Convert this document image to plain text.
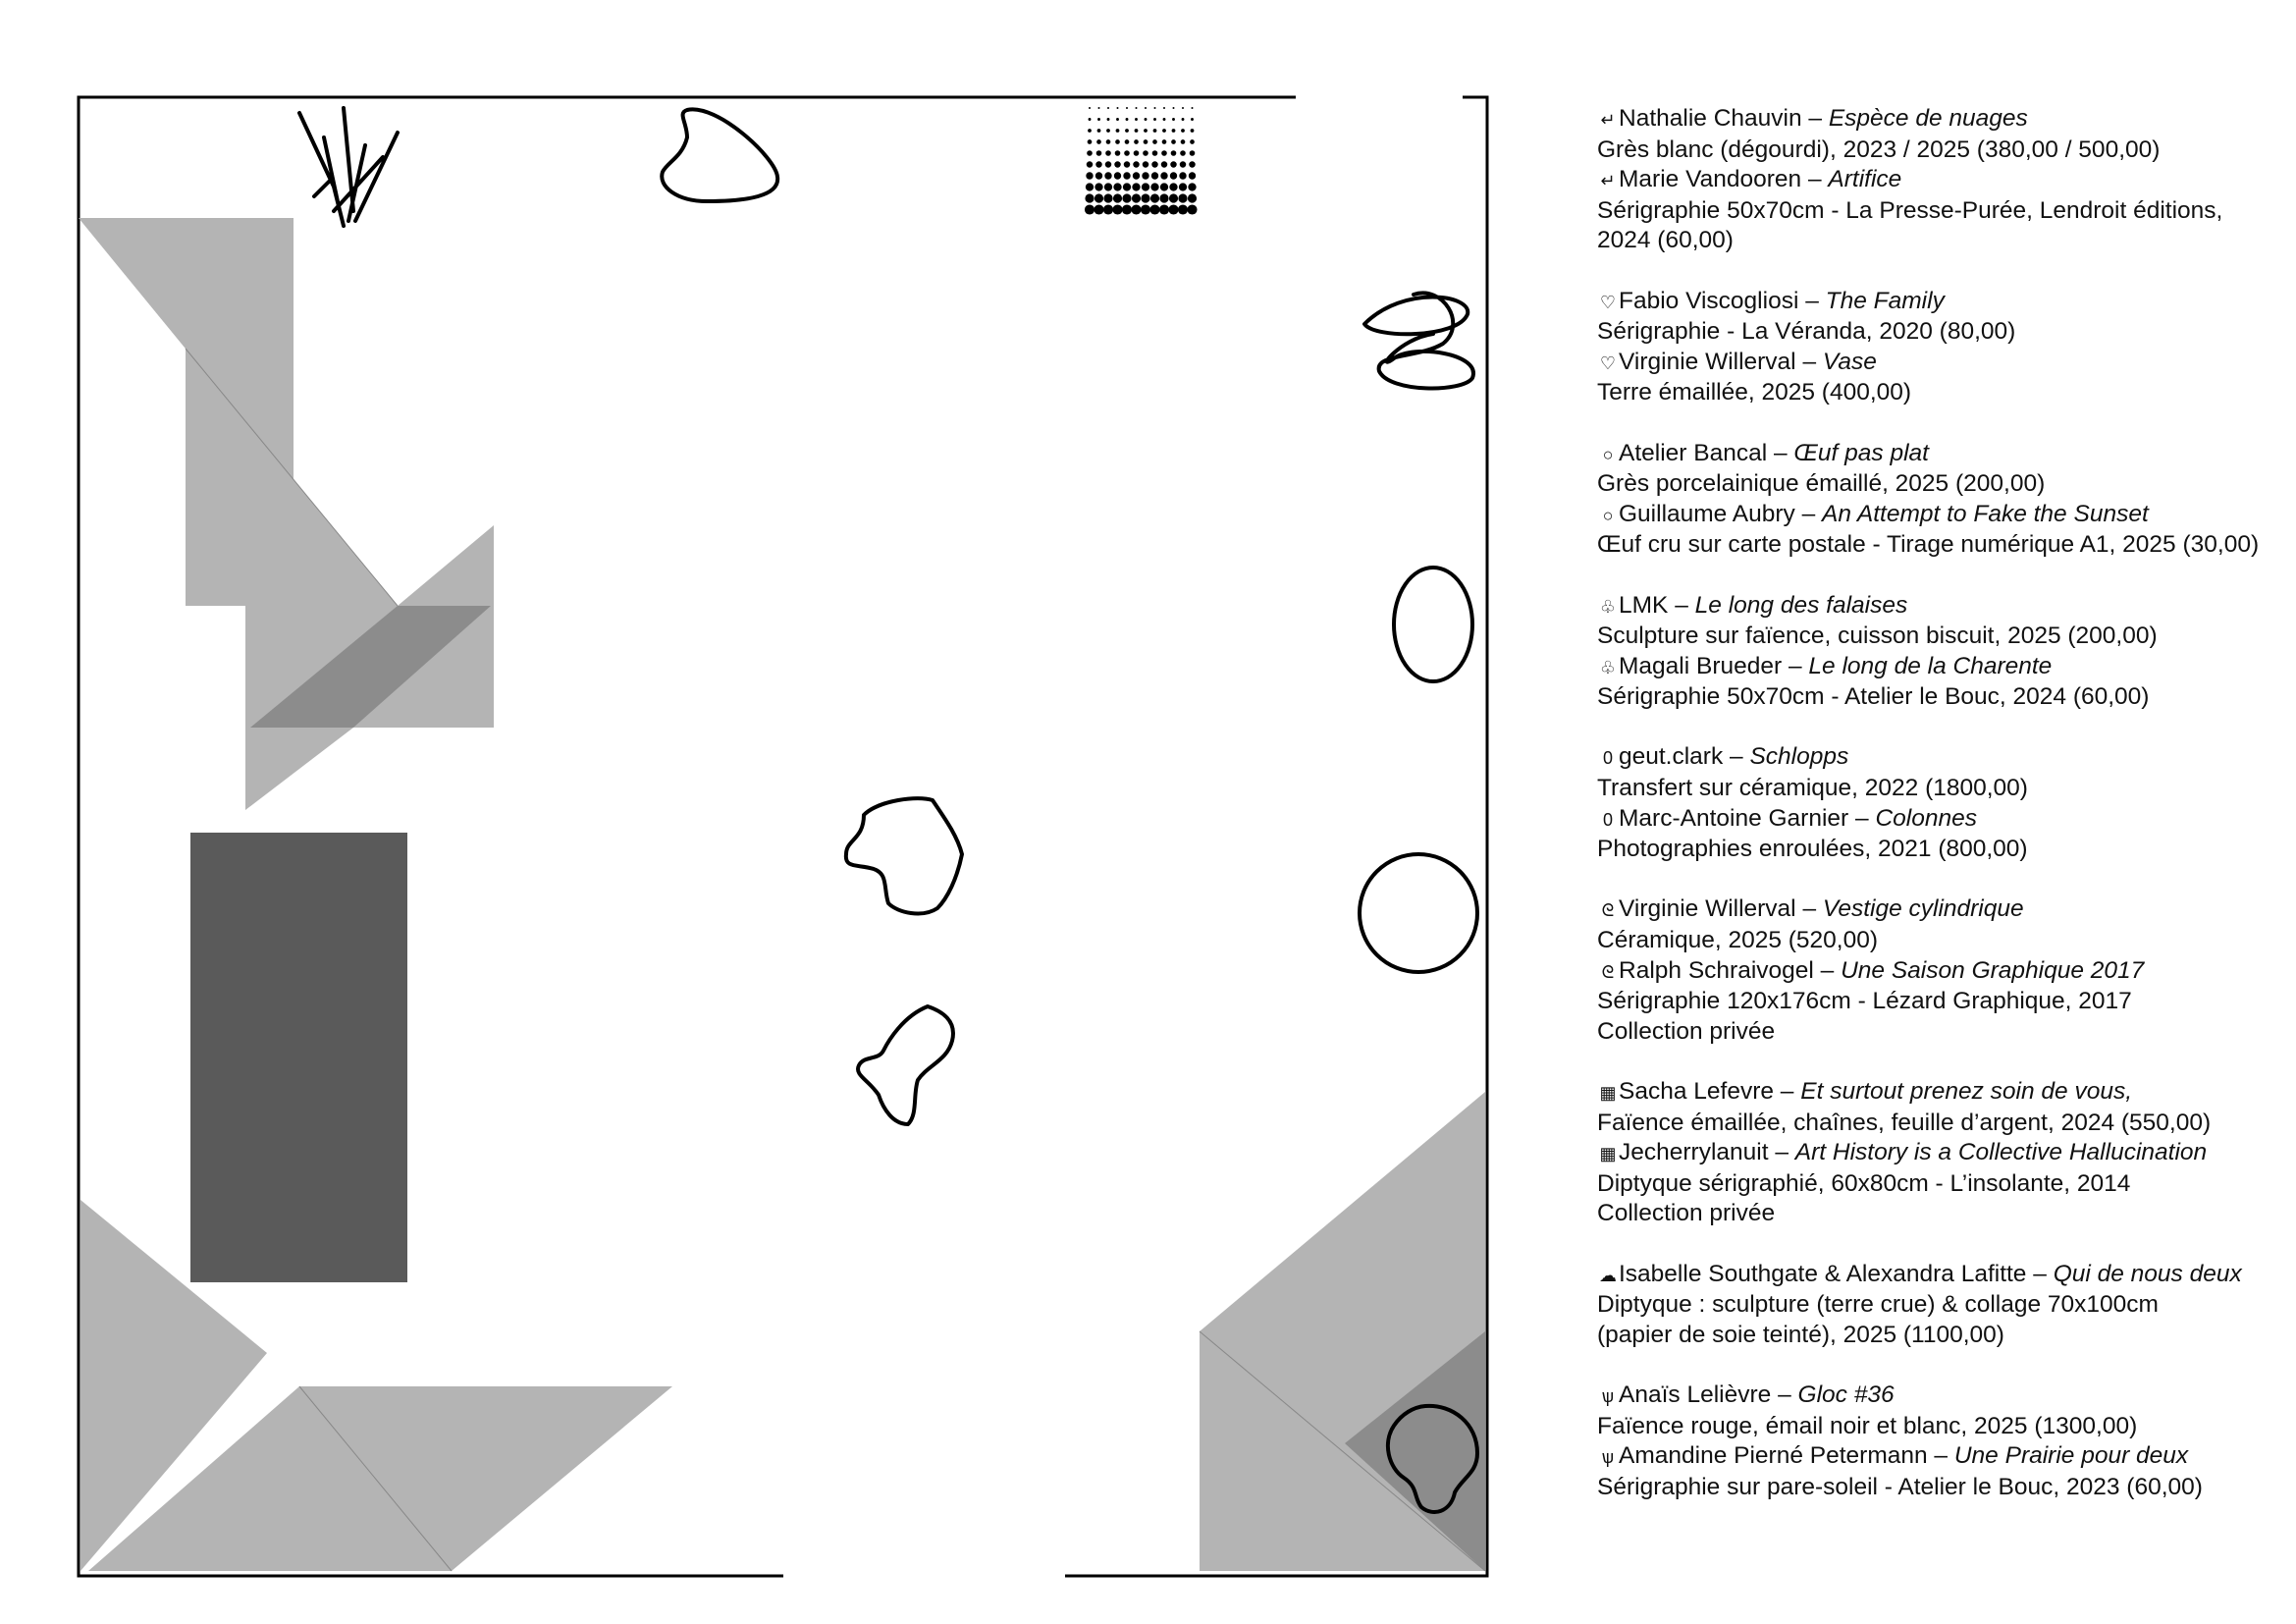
↵ Nathalie Chauvin – Espèce de nuages
Grès blanc (dégourdi), 2023 / 2025 (380,00 / 500,00)
↵ Marie Vandooren – Artifice
Sérigraphie 50x70cm - La Presse-Purée, Lendroit éditions,
2024 (60,00)
♡ Fabio Viscogliosi – The Family
Sérigraphie - La Véranda, 2020 (80,00)
♡ Virginie Willerval – Vase
Terre émaillée, 2025 (400,00)
○ Atelier Bancal – Œuf pas plat
Grès porcelainique émaillé, 2025 (200,00)
○ Guillaume Aubry – An Attempt to Fake the Sunset
Œuf cru sur carte postale - Tirage numérique A1, 2025 (30,00)
♧ LMK – Le long des falaises
Sculpture sur faïence, cuisson biscuit, 2025 (200,00)
♧ Magali Brueder – Le long de la Charente
Sérigraphie 50x70cm - Atelier le Bouc, 2024 (60,00)
0 geut.clark – Schlopps
Transfert sur céramique, 2022 (1800,00)
0 Marc-Antoine Garnier – Colonnes
Photographies enroulées, 2021 (800,00)
ᘓ Virginie Willerval – Vestige cylindrique
Céramique, 2025 (520,00)
ᘓ Ralph Schraivogel – Une Saison Graphique 2017
Sérigraphie 120x176cm - Lézard Graphique, 2017
Collection privée
▦ Sacha Lefevre – Et surtout prenez soin de vous,
Faïence émaillée, chaînes, feuille d’argent, 2024 (550,00)
▦ Jecherrylanuit – Art History is a Collective Hallucination
Diptyque sérigraphié, 60x80cm - L’insolante, 2014
Collection privée
☁Isabelle Southgate & Alexandra Lafitte – Qui de nous deux
Diptyque : sculpture (terre crue) & collage 70x100cm
(papier de soie teinté), 2025 (1100,00)
ѱ Anaïs Lelièvre – Gloc #36
Faïence rouge, émail noir et blanc, 2025 (1300,00)
ѱ Amandine Pierné Petermann – Une Prairie pour deux
Sérigraphie sur pare-soleil - Atelier le Bouc, 2023 (60,00)
